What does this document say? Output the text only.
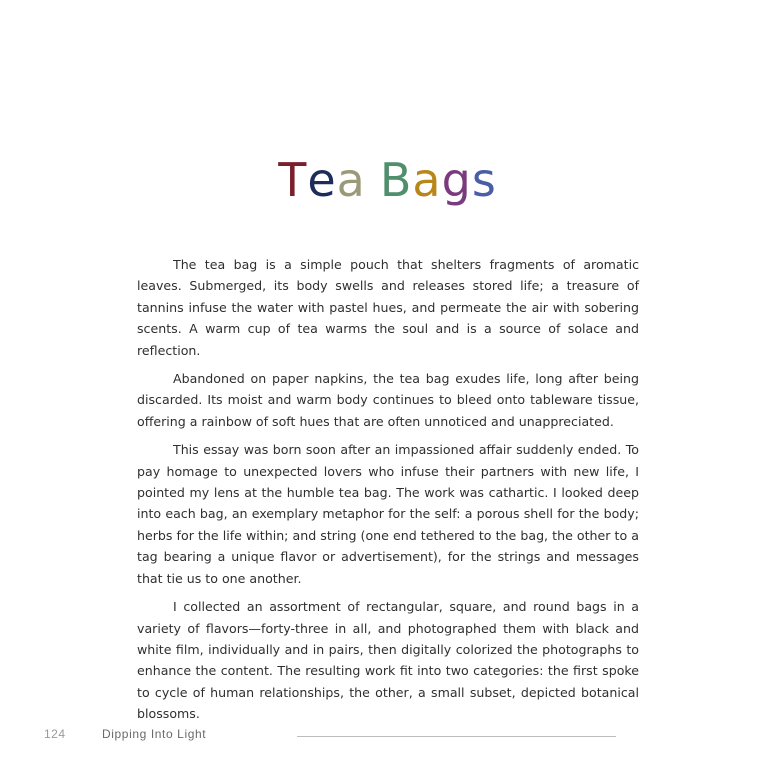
Tea Bags

The tea bag is a simple pouch that shelters fragments of aromatic leaves. Submerged, its body swells and releases stored life; a treasure of tannins infuse the water with pastel hues, and permeate the air with sobering scents. A warm cup of tea warms the soul and is a source of solace and reflection.

Abandoned on paper napkins, the tea bag exudes life, long after being discarded. Its moist and warm body continues to bleed onto tableware tissue, offering a rainbow of soft hues that are often unnoticed and unappreciated.

This essay was born soon after an impassioned affair suddenly ended. To pay homage to unexpected lovers who infuse their partners with new life, I pointed my lens at the humble tea bag. The work was cathartic. I looked deep into each bag, an exemplary metaphor for the self: a porous shell for the body; herbs for the life within; and string (one end tethered to the bag, the other to a tag bearing a unique flavor or advertisement), for the strings and messages that tie us to one another.

I collected an assortment of rectangular, square, and round bags in a variety of flavors—forty-three in all, and photographed them with black and white film, individually and in pairs, then digitally colorized the photographs to enhance the content. The resulting work fit into two categories: the first spoke to cycle of human relationships, the other, a small subset, depicted botanical blossoms.

124	Dipping Into Light
